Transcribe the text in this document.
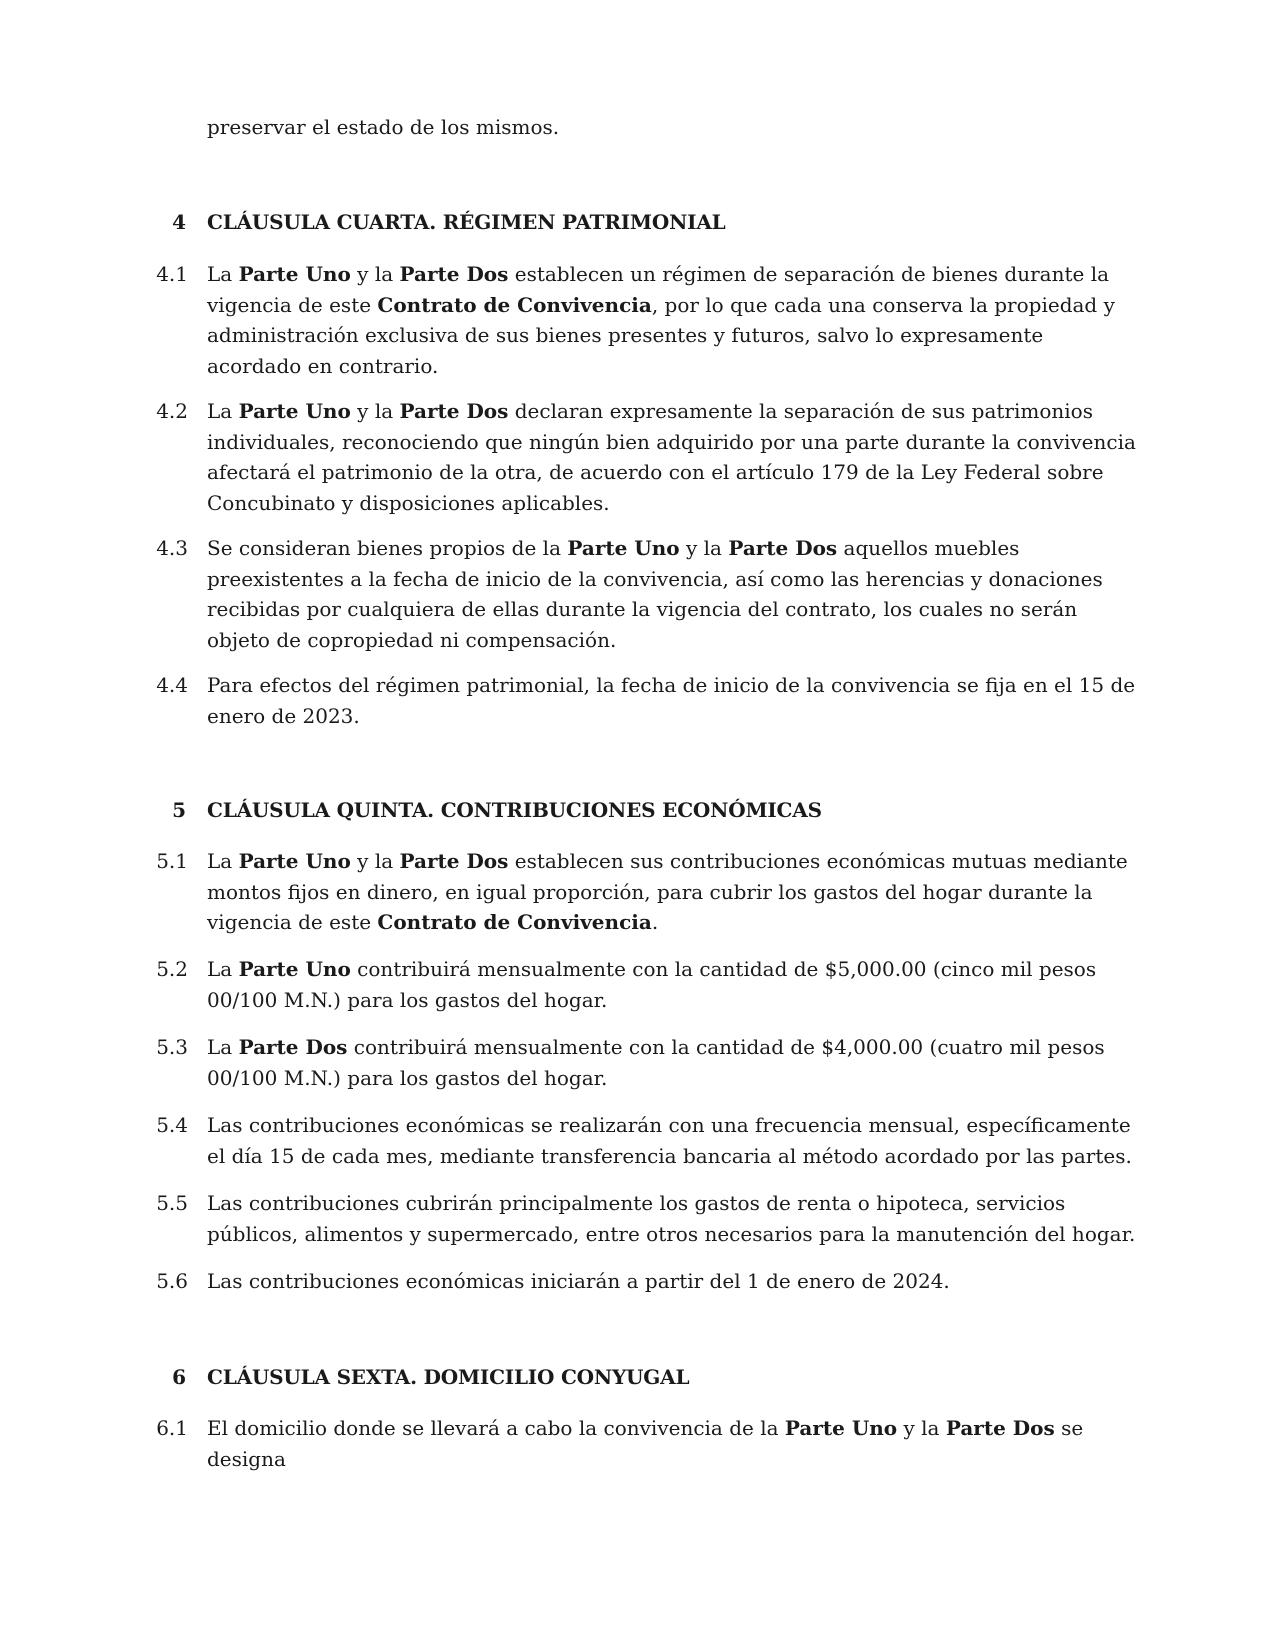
preservar el estado de los mismos.
4 CLÁUSULA CUARTA. RÉGIMEN PATRIMONIAL
4.1 La Parte Uno y la Parte Dos establecen un régimen de separación de bienes durante la vigencia de este Contrato de Convivencia, por lo que cada una conserva la propiedad y administración exclusiva de sus bienes presentes y futuros, salvo lo expresamente acordado en contrario.
4.2 La Parte Uno y la Parte Dos declaran expresamente la separación de sus patrimonios individuales, reconociendo que ningún bien adquirido por una parte durante la convivencia afectará el patrimonio de la otra, de acuerdo con el artículo 179 de la Ley Federal sobre Concubinato y disposiciones aplicables.
4.3 Se consideran bienes propios de la Parte Uno y la Parte Dos aquellos muebles preexistentes a la fecha de inicio de la convivencia, así como las herencias y donaciones recibidas por cualquiera de ellas durante la vigencia del contrato, los cuales no serán objeto de copropiedad ni compensación.
4.4 Para efectos del régimen patrimonial, la fecha de inicio de la convivencia se fija en el 15 de enero de 2023.
5 CLÁUSULA QUINTA. CONTRIBUCIONES ECONÓMICAS
5.1 La Parte Uno y la Parte Dos establecen sus contribuciones económicas mutuas mediante montos fijos en dinero, en igual proporción, para cubrir los gastos del hogar durante la vigencia de este Contrato de Convivencia.
5.2 La Parte Uno contribuirá mensualmente con la cantidad de $5,000.00 (cinco mil pesos 00/100 M.N.) para los gastos del hogar.
5.3 La Parte Dos contribuirá mensualmente con la cantidad de $4,000.00 (cuatro mil pesos 00/100 M.N.) para los gastos del hogar.
5.4 Las contribuciones económicas se realizarán con una frecuencia mensual, específicamente el día 15 de cada mes, mediante transferencia bancaria al método acordado por las partes.
5.5 Las contribuciones cubrirán principalmente los gastos de renta o hipoteca, servicios públicos, alimentos y supermercado, entre otros necesarios para la manutención del hogar.
5.6 Las contribuciones económicas iniciarán a partir del 1 de enero de 2024.
6 CLÁUSULA SEXTA. DOMICILIO CONYUGAL
6.1 El domicilio donde se llevará a cabo la convivencia de la Parte Uno y la Parte Dos se designa
